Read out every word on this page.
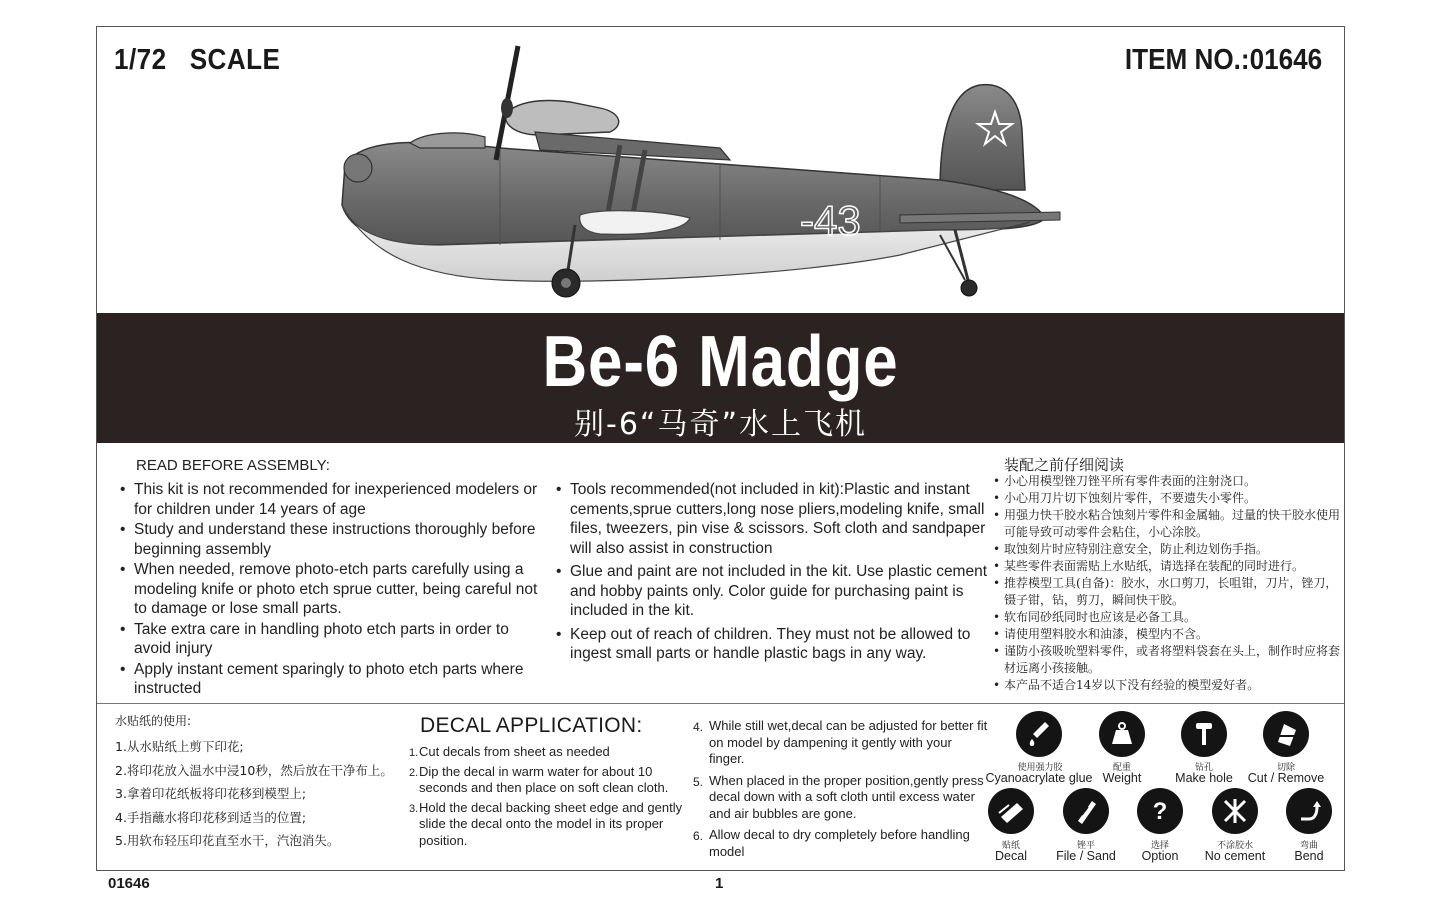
1/72   SCALE	ITEM NO.:01646
-43
Be-6 Madge
别-6“马奇”水上飞机
READ BEFORE ASSEMBLY:
• This kit is not recommended for inexperienced modelers or for children under 14 years of age
• Study and understand these instructions thoroughly before beginning assembly
• When needed, remove photo-etch parts carefully using a modeling knife or photo etch sprue cutter, being careful not to damage or lose small parts.
• Take extra care in handling photo etch parts in order to avoid injury
• Apply instant cement sparingly to photo etch parts where instructed
• Tools recommended(not included in kit):Plastic and instant cements,sprue cutters,long nose pliers,modeling knife, small files, tweezers, pin vise & scissors. Soft cloth and sandpaper will also assist in construction
• Glue and paint are not included in the kit. Use plastic cement and hobby paints only. Color guide for purchasing paint is included in the kit.
• Keep out of reach of children. They must not be allowed to ingest small parts or handle plastic bags in any way.
装配之前仔细阅读
• 小心用模型锉刀锉平所有零件表面的注射浇口。
• 小心用刀片切下蚀刻片零件，不要遗失小零件。
• 用强力快干胶水粘合蚀刻片零件和金属轴。过量的快干胶水使用可能导致可动零件会粘住，小心涂胶。
• 取蚀刻片时应特别注意安全，防止利边划伤手指。
• 某些零件表面需贴上水贴纸，请选择在装配的同时进行。
• 推荐模型工具(自备)：胶水，水口剪刀，长咀钳，刀片，锉刀，镊子钳，钻，剪刀，瞬间快干胶。
• 软布同砂纸同时也应该是必备工具。
• 请使用塑料胶水和油漆，模型内不含。
• 谨防小孩吸吮塑料零件，或者将塑料袋套在头上，制作时应将套材远离小孩接触。
• 本产品不适合14岁以下没有经验的模型爱好者。
水贴纸的使用:
1.从水贴纸上剪下印花;
2.将印花放入温水中浸10秒，然后放在干净布上。
3.拿着印花纸板将印花移到模型上;
4.手指蘸水将印花移到适当的位置;
5.用软布轻压印花直至水干，汽泡消失。
DECAL APPLICATION:
1. Cut decals from sheet as needed
2. Dip the decal in warm water for about 10 seconds and then place on soft clean cloth.
3. Hold the decal backing sheet edge and gently slide the decal onto the model in its proper position.
4. While still wet,decal can be adjusted for better fit on model by dampening it gently with your finger.
5. When placed in the proper position,gently press decal down with a soft cloth until excess water and air bubbles are gone.
6. Allow decal to dry completely before handling model
使用强力胶
Cyanoacrylate glue
配重
Weight
钻孔
Make hole
切除
Cut / Remove
贴纸
Decal
锉平
File / Sand
?
选择
Option
不涂胶水
No cement
弯曲
Bend
01646	1
